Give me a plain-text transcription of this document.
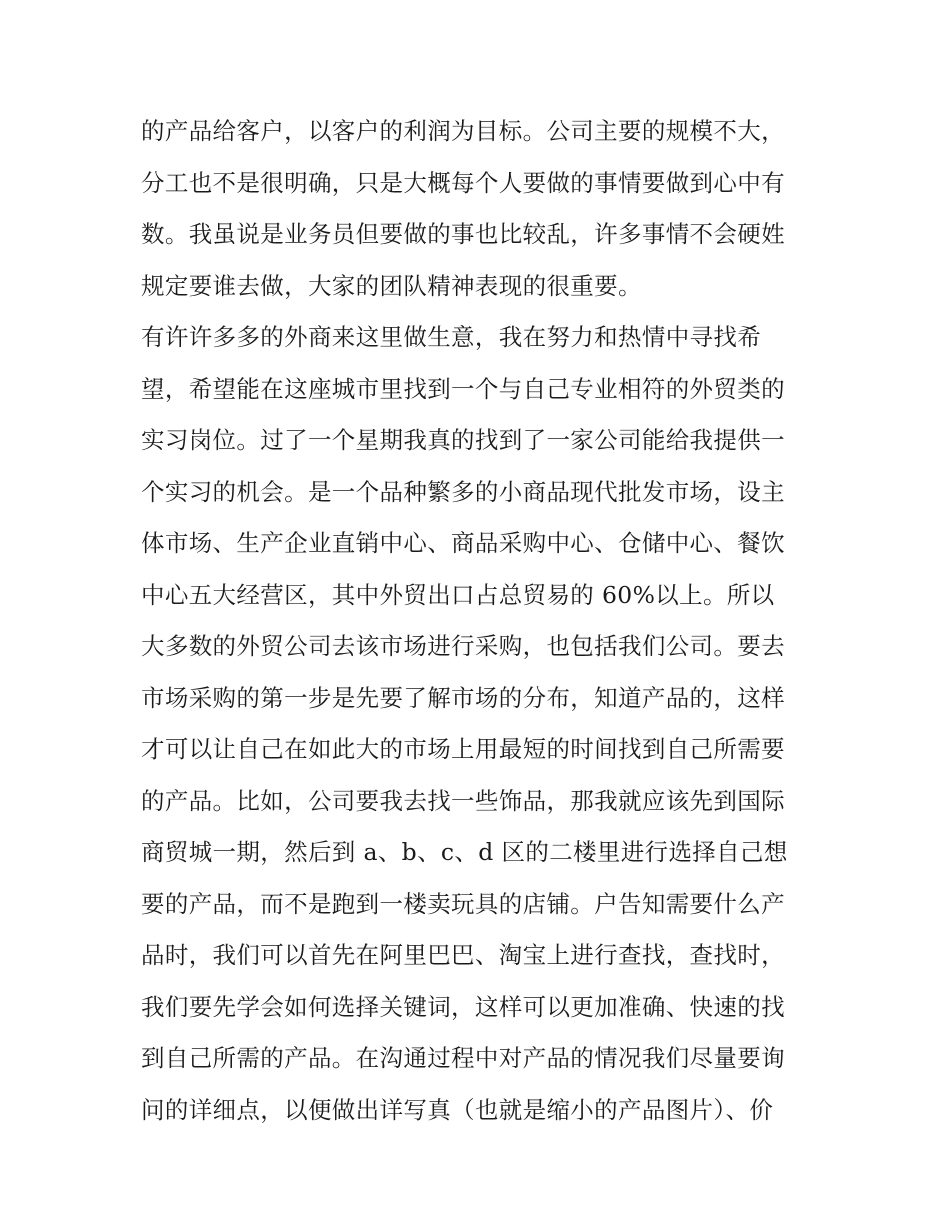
的产品给客户，以客户的利润为目标。公司主要的规模不大，
分工也不是很明确，只是大概每个人要做的事情要做到心中有
数。我虽说是业务员但要做的事也比较乱，许多事情不会硬姓
规定要谁去做，大家的团队精神表现的很重要。
有许许多多的外商来这里做生意，我在努力和热情中寻找希
望，希望能在这座城市里找到一个与自己专业相符的外贸类的
实习岗位。过了一个星期我真的找到了一家公司能给我提供一
个实习的机会。是一个品种繁多的小商品现代批发市场，设主
体市场、生产企业直销中心、商品采购中心、仓储中心、餐饮
中心五大经营区，其中外贸出口占总贸易的 60%以上。所以
大多数的外贸公司去该市场进行采购，也包括我们公司。要去
市场采购的第一步是先要了解市场的分布，知道产品的，这样
才可以让自己在如此大的市场上用最短的时间找到自己所需要
的产品。比如，公司要我去找一些饰品，那我就应该先到国际
商贸城一期，然后到 a、b、c、d 区的二楼里进行选择自己想
要的产品，而不是跑到一楼卖玩具的店铺。户告知需要什么产
品时，我们可以首先在阿里巴巴、淘宝上进行查找，查找时，
我们要先学会如何选择关键词，这样可以更加准确、快速的找
到自己所需的产品。在沟通过程中对产品的情况我们尽量要询
问的详细点，以便做出详写真（也就是缩小的产品图片）、价
